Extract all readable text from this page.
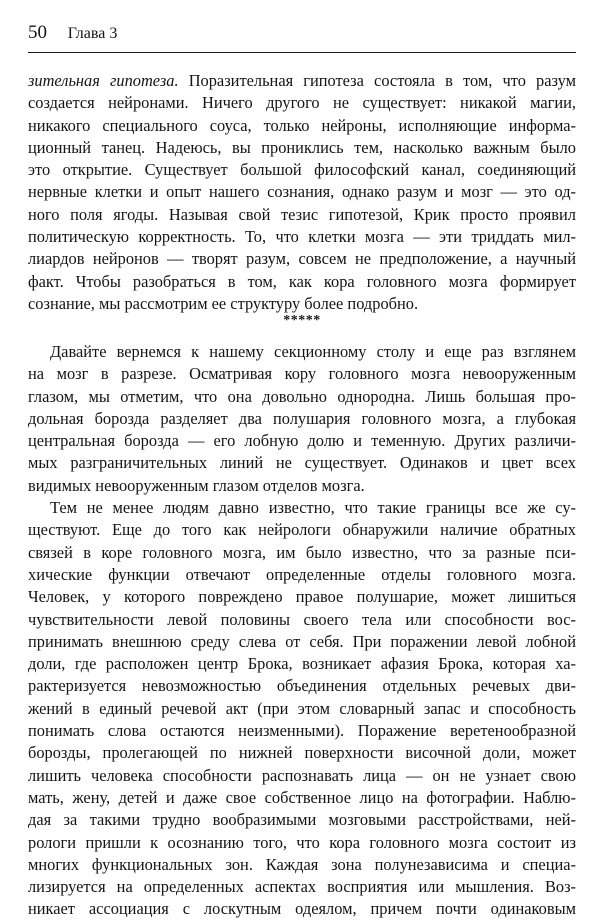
50 Глава 3

зительная гипотеза. Поразительная гипотеза состояла в том, что разум

создается нейронами. Ничего другого не существует: никакой магии,

никакого специального соуса, только нейроны, исполняющие информа-

ционный танец. Надеюсь, вы прониклись тем, насколько важным было

это открытие. Существует большой философский канал, соединяющий

нервные клетки и опыт нашего сознания, однако разум и мозг — это од-

ного поля ягоды. Называя свой тезис гипотезой, Крик просто проявил

политическую корректность. То, что клетки мозга — эти триддать мил-

лиардов нейронов — творят разум, совсем не предположение, а научный

факт. Чтобы разобраться в том, как кора головного мозга формирует

сознание, мы рассмотрим ее структуру более подробно.

*****

Давайте вернемся к нашему секционному столу и еще раз взглянем

на мозг в разрезе. Осматривая кору головного мозга невооруженным

глазом, мы отметим, что она довольно однородна. Лишь большая про-

дольная борозда разделяет два полушария головного мозга, а глубокая

центральная борозда — его лобную долю и теменную. Других различи-

мых разграничительных линий не существует. Одинаков и цвет всех

видимых невооруженным глазом отделов мозга.

Тем не менее людям давно известно, что такие границы все же су-

ществуют. Еще до того как нейрологи обнаружили наличие обратных

связей в коре головного мозга, им было известно, что за разные пси-

хические функции отвечают определенные отделы головного мозга.

Человек, у которого повреждено правое полушарие, может лишиться

чувствительности левой половины своего тела или способности вос-

принимать внешнюю среду слева от себя. При поражении левой лобной

доли, где расположен центр Брока, возникает афазия Брока, которая ха-

рактеризуется невозможностью объединения отдельных речевых дви-

жений в единый речевой акт (при этом словарный запас и способность

понимать слова остаются неизменными). Поражение веретенообразной

борозды, пролегающей по нижней поверхности височной доли, может

лишить человека способности распознавать лица — он не узнает свою

мать, жену, детей и даже свое собственное лицо на фотографии. Наблю-

дая за такими трудно вообразимыми мозговыми расстройствами, ней-

рологи пришли к осознанию того, что кора головного мозга состоит из

многих функциональных зон. Каждая зона полунезависима и специа-

лизируется на определенных аспектах восприятия или мышления. Воз-

никает ассоциация с лоскутным одеялом, причем почти одинаковым
